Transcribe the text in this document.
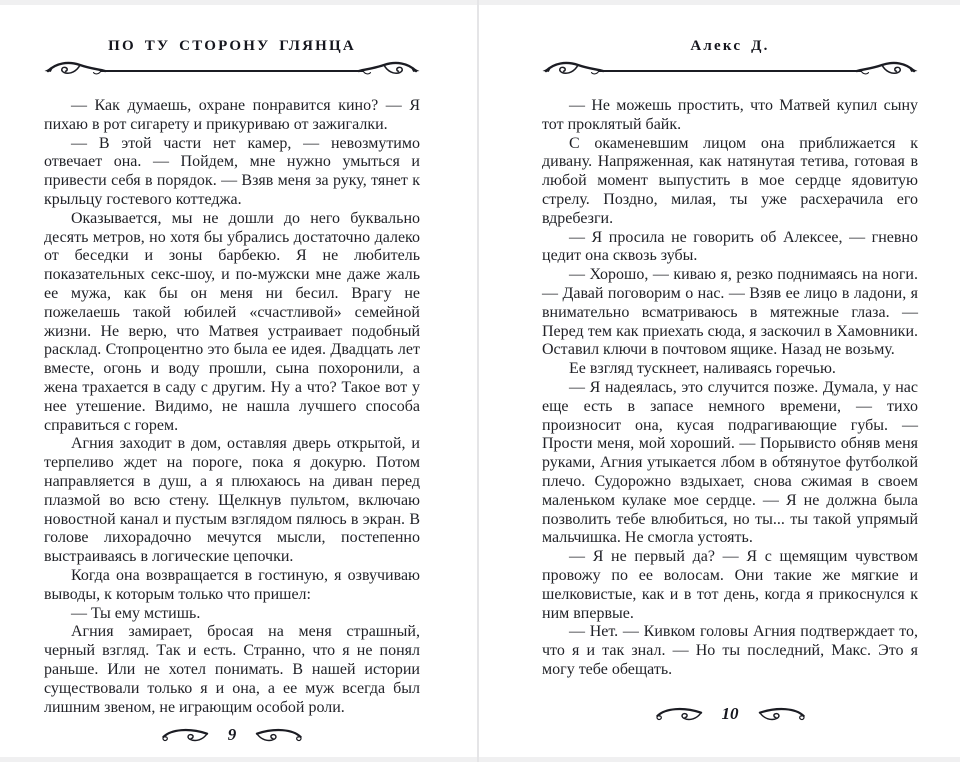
ПО ТУ СТОРОНУ ГЛЯНЦА

— Как думаешь, охране понравится кино? — Я пихаю в рот сигарету и прикуриваю от зажигалки.

— В этой части нет камер, — невозмутимо отвечает она. — Пойдем, мне нужно умыться и привести себя в порядок. — Взяв меня за руку, тянет к крыльцу гостевого коттеджа.

Оказывается, мы не дошли до него буквально десять метров, но хотя бы убрались достаточно далеко от беседки и зоны барбекю. Я не любитель показательных секс-шоу, и по-мужски мне даже жаль ее мужа, как бы он меня ни бесил. Врагу не пожелаешь такой юбилей «счастливой» семейной жизни. Не верю, что Матвея устраивает подобный расклад. Стопроцентно это была ее идея. Двадцать лет вместе, огонь и воду прошли, сына похоронили, а жена трахается в саду с другим. Ну а что? Такое вот у нее утешение. Видимо, не нашла лучшего способа справиться с горем.

Агния заходит в дом, оставляя дверь открытой, и терпеливо ждет на пороге, пока я докурю. Потом направляется в душ, а я плюхаюсь на диван перед плазмой во всю стену. Щелкнув пультом, включаю новостной канал и пустым взглядом пялюсь в экран. В голове лихорадочно мечутся мысли, постепенно выстраиваясь в логические цепочки.

Когда она возвращается в гостиную, я озвучиваю выводы, к которым только что пришел:

— Ты ему мстишь.

Агния замирает, бросая на меня страшный, черный взгляд. Так и есть. Странно, что я не понял раньше. Или не хотел понимать. В нашей истории существовали только я и она, а ее муж всегда был лишним звеном, не играющим особой роли.

9
Алекс Д.

— Не можешь простить, что Матвей купил сыну тот проклятый байк.

С окаменевшим лицом она приближается к дивану. Напряженная, как натянутая тетива, готовая в любой момент выпустить в мое сердце ядовитую стрелу. Поздно, милая, ты уже расхерачила его вдребезги.

— Я просила не говорить об Алексее, — гневно цедит она сквозь зубы.

— Хорошо, — киваю я, резко поднимаясь на ноги. — Давай поговорим о нас. — Взяв ее лицо в ладони, я внимательно всматриваюсь в мятежные глаза. — Перед тем как приехать сюда, я заскочил в Хамовники. Оставил ключи в почтовом ящике. Назад не возьму.

Ее взгляд тускнеет, наливаясь горечью.

— Я надеялась, это случится позже. Думала, у нас еще есть в запасе немного времени, — тихо произносит она, кусая подрагивающие губы. — Прости меня, мой хороший. — Порывисто обняв меня руками, Агния утыкается лбом в обтянутое футболкой плечо. Судорожно вздыхает, снова сжимая в своем маленьком кулаке мое сердце. — Я не должна была позволить тебе влюбиться, но ты... ты такой упрямый мальчишка. Не смогла устоять.

— Я не первый да? — Я с щемящим чувством провожу по ее волосам. Они такие же мягкие и шелковистые, как и в тот день, когда я прикоснулся к ним впервые.

— Нет. — Кивком головы Агния подтверждает то, что я и так знал. — Но ты последний, Макс. Это я могу тебе обещать.

10
